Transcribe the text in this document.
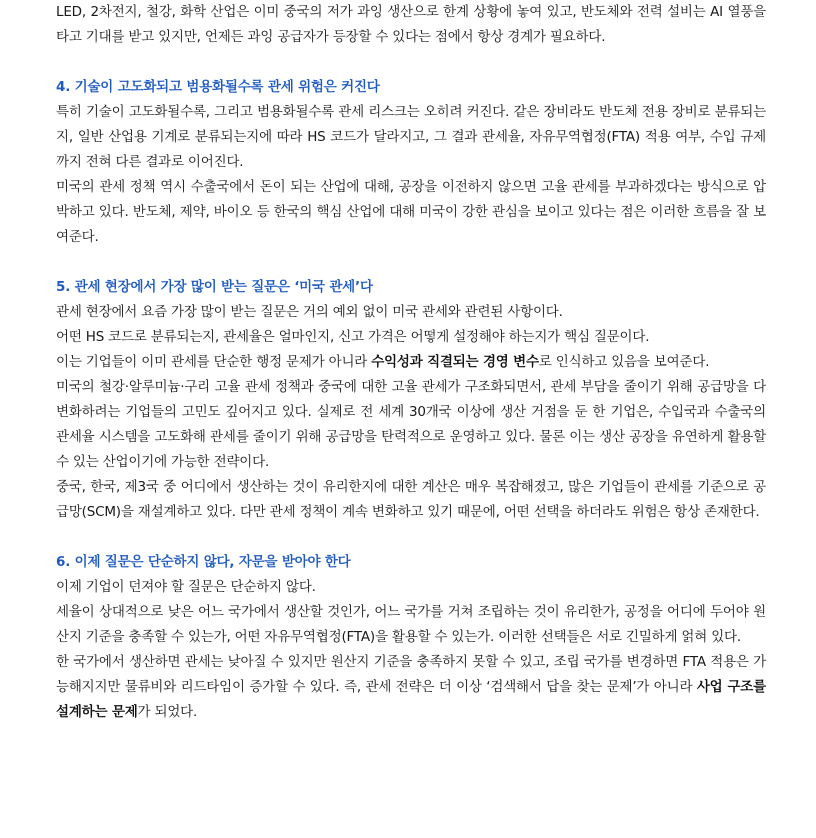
LED, 2차전지, 철강, 화학 산업은 이미 중국의 저가 과잉 생산으로 한계 상황에 놓여 있고, 반도체와 전력 설비는 AI 열풍을 타고 기대를 받고 있지만, 언제든 과잉 공급자가 등장할 수 있다는 점에서 항상 경계가 필요하다.

4. 기술이 고도화되고 범용화될수록 관세 위험은 커진다

특히 기술이 고도화될수록, 그리고 범용화될수록 관세 리스크는 오히려 커진다. 같은 장비라도 반도체 전용 장비로 분류되는지, 일반 산업용 기계로 분류되는지에 따라 HS 코드가 달라지고, 그 결과 관세율, 자유무역협정(FTA) 적용 여부, 수입 규제까지 전혀 다른 결과로 이어진다.

미국의 관세 정책 역시 수출국에서 돈이 되는 산업에 대해, 공장을 이전하지 않으면 고율 관세를 부과하겠다는 방식으로 압박하고 있다. 반도체, 제약, 바이오 등 한국의 핵심 산업에 대해 미국이 강한 관심을 보이고 있다는 점은 이러한 흐름을 잘 보여준다.

5. 관세 현장에서 가장 많이 받는 질문은 ‘미국 관세’다

관세 현장에서 요즘 가장 많이 받는 질문은 거의 예외 없이 미국 관세와 관련된 사항이다.

어떤 HS 코드로 분류되는지, 관세율은 얼마인지, 신고 가격은 어떻게 설정해야 하는지가 핵심 질문이다.

이는 기업들이 이미 관세를 단순한 행정 문제가 아니라 수익성과 직결되는 경영 변수로 인식하고 있음을 보여준다.

미국의 철강·알루미늄·구리 고율 관세 정책과 중국에 대한 고율 관세가 구조화되면서, 관세 부담을 줄이기 위해 공급망을 다변화하려는 기업들의 고민도 깊어지고 있다. 실제로 전 세계 30개국 이상에 생산 거점을 둔 한 기업은, 수입국과 수출국의 관세율 시스템을 고도화해 관세를 줄이기 위해 공급망을 탄력적으로 운영하고 있다. 물론 이는 생산 공장을 유연하게 활용할 수 있는 산업이기에 가능한 전략이다.

중국, 한국, 제3국 중 어디에서 생산하는 것이 유리한지에 대한 계산은 매우 복잡해졌고, 많은 기업들이 관세를 기준으로 공급망(SCM)을 재설계하고 있다. 다만 관세 정책이 계속 변화하고 있기 때문에, 어떤 선택을 하더라도 위험은 항상 존재한다.

6. 이제 질문은 단순하지 않다, 자문을 받아야 한다

이제 기업이 던져야 할 질문은 단순하지 않다.

세율이 상대적으로 낮은 어느 국가에서 생산할 것인가, 어느 국가를 거쳐 조립하는 것이 유리한가, 공정을 어디에 두어야 원산지 기준을 충족할 수 있는가, 어떤 자유무역협정(FTA)을 활용할 수 있는가. 이러한 선택들은 서로 긴밀하게 얽혀 있다.

한 국가에서 생산하면 관세는 낮아질 수 있지만 원산지 기준을 충족하지 못할 수 있고, 조립 국가를 변경하면 FTA 적용은 가능해지지만 물류비와 리드타임이 증가할 수 있다. 즉, 관세 전략은 더 이상 ‘검색해서 답을 찾는 문제’가 아니라 사업 구조를 설계하는 문제가 되었다.
